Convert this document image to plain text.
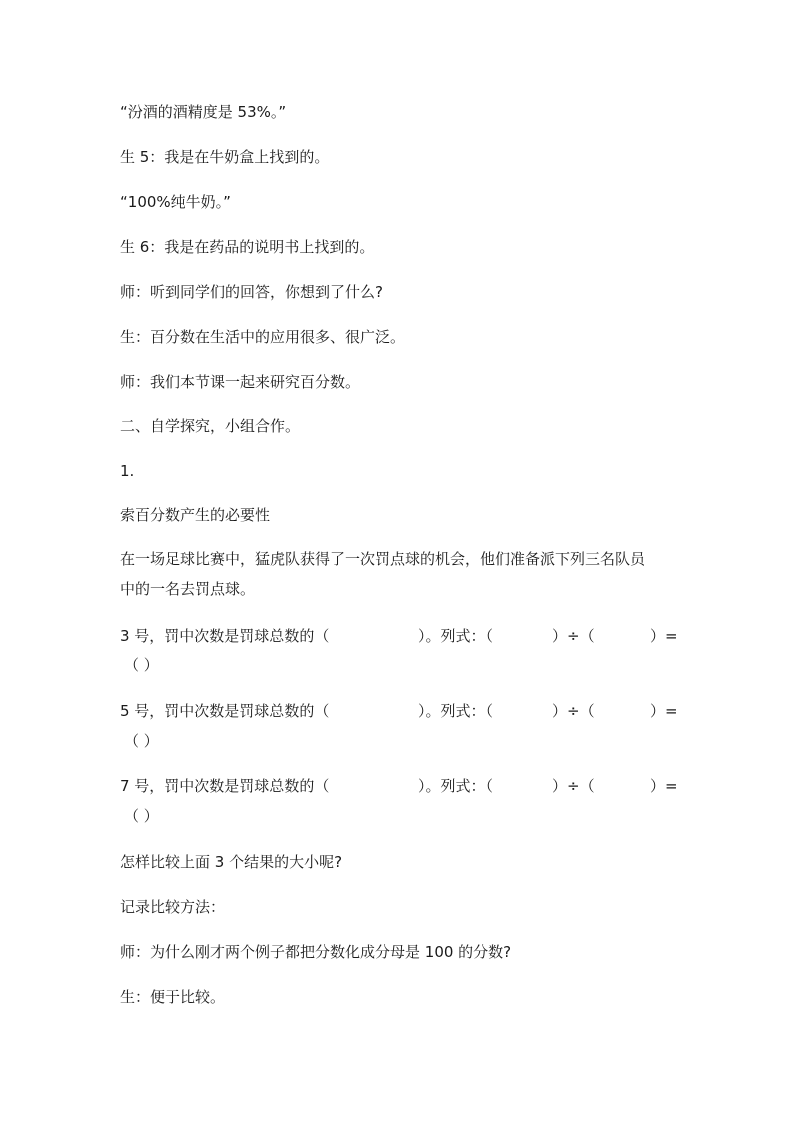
“汾酒的酒精度是 53%。”
生 5：我是在牛奶盒上找到的。
“100%纯牛奶。”
生 6：我是在药品的说明书上找到的。
师：听到同学们的回答，你想到了什么?
生：百分数在生活中的应用很多、很广泛。
师：我们本节课一起来研究百分数。
二、自学探究，小组合作。
1.
索百分数产生的必要性
在一场足球比赛中，猛虎队获得了一次罚点球的机会，他们准备派下列三名队员
中的一名去罚点球。
3 号，罚中次数是罚球总数的（	）。列式：（	）÷（	）=
（ ）
5 号，罚中次数是罚球总数的（	）。列式：（	）÷（	）=
（ ）
7 号，罚中次数是罚球总数的（	）。列式：（	）÷（	）=
（ ）
怎样比较上面 3 个结果的大小呢?
记录比较方法：
师：为什么刚才两个例子都把分数化成分母是 100 的分数?
生：便于比较。
